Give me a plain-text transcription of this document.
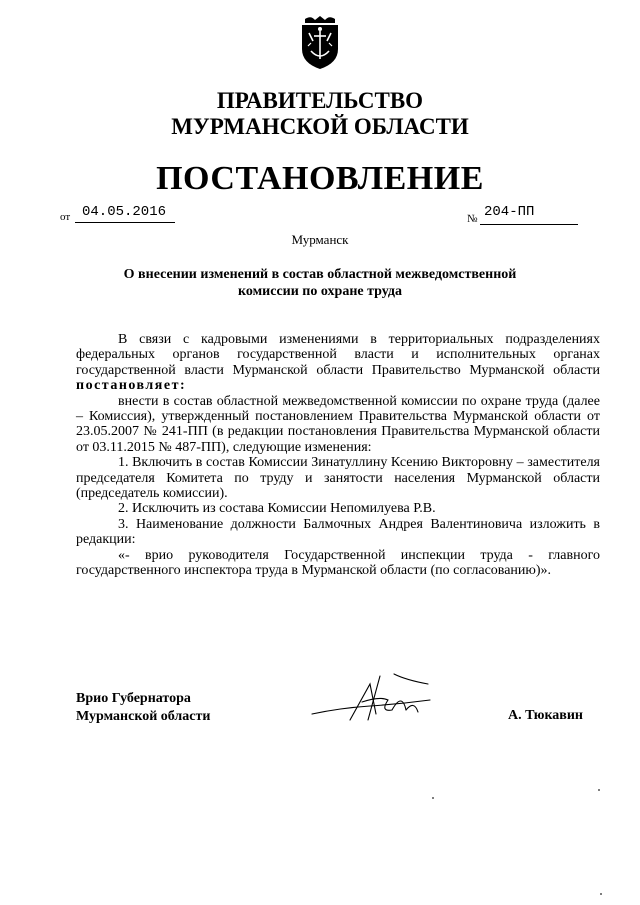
ПРАВИТЕЛЬСТВО
МУРМАНСКОЙ ОБЛАСТИ
ПОСТАНОВЛЕНИЕ
от 04.05.2016	№ 204-ПП
Мурманск
О внесении изменений в состав областной межведомственной
комиссии по охране труда

В связи с кадровыми изменениями в территориальных подразделениях федеральных органов государственной власти и исполнительных органах государственной власти Мурманской области Правительство Мурманской области постановляет:

внести в состав областной межведомственной комиссии по охране труда (далее – Комиссия), утвержденный постановлением Правительства Мурманской области от 23.05.2007 № 241-ПП (в редакции постановления Правительства Мурманской области от 03.11.2015 № 487-ПП), следующие изменения:

1. Включить в состав Комиссии Зинатуллину Ксению Викторовну – заместителя председателя Комитета по труду и занятости населения Мурманской области (председатель комиссии).

2. Исключить из состава Комиссии Непомилуева Р.В.

3. Наименование должности Балмочных Андрея Валентиновича изложить в редакции:

«- врио руководителя Государственной инспекции труда - главного государственного инспектора труда в Мурманской области (по согласованию)».

Врио Губернатора
Мурманской области	А. Тюкавин
